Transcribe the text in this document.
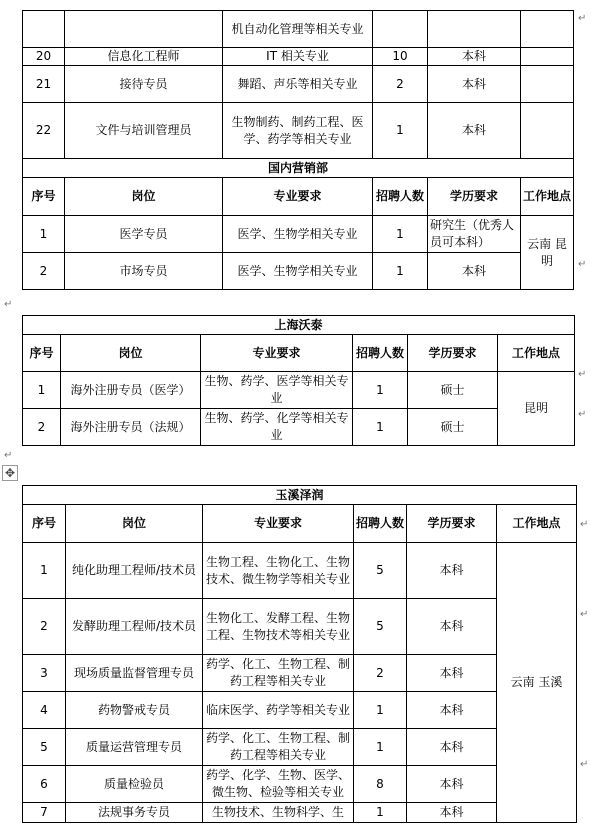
		机自动化管理等相关专业			
20	信息化工程师	IT 相关专业	10	本科	
21	接待专员	舞蹈、声乐等相关专业	2	本科	
22	文件与培训管理员	生物制药、制药工程、医学、药学等相关专业	1	本科	
国内营销部					
序号	岗位	专业要求	招聘人数	学历要求	工作地点
1	医学专员	医学、生物学相关专业	1	研究生（优秀人员可本科）	云南 昆明
2	市场专员	医学、生物学相关专业	1	本科	
上海沃泰					
序号	岗位	专业要求	招聘人数	学历要求	工作地点
1	海外注册专员（医学）	生物、药学、医学等相关专业	1	硕士	昆明
2	海外注册专员（法规）	生物、药学、化学等相关专业	1	硕士	
✥
玉溪泽润					
序号	岗位	专业要求	招聘人数	学历要求	工作地点
1	纯化助理工程师/技术员	生物工程、生物化工、生物技术、微生物学等相关专业	5	本科	云南 玉溪
2	发酵助理工程师/技术员	生物化工、发酵工程、生物工程、生物技术等相关专业	5	本科	
3	现场质量监督管理专员	药学、化工、生物工程、制药工程等相关专业	2	本科	
4	药物警戒专员	临床医学、药学等相关专业	1	本科	
5	质量运营管理专员	药学、化工、生物工程、制药工程等相关专业	1	本科	
6	质量检验员	药学、化学、生物、医学、微生物、检验等相关专业	8	本科	
7	法规事务专员	生物技术、生物科学、生	1	本科	
↵
↵
↵
↵
↵
↵
↵
↵
↵
